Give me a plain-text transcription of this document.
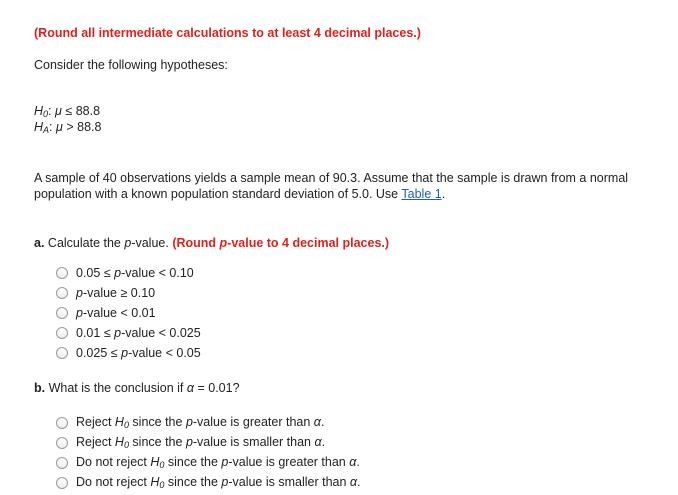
(Round all intermediate calculations to at least 4 decimal places.)
Consider the following hypotheses:
$H_0$: μ ≤ 88.8
$H_A$: μ > 88.8
A sample of 40 observations yields a sample mean of 90.3. Assume that the sample is drawn from a normal
population with a known population standard deviation of 5.0. Use Table 1.
a. Calculate the p-value. (Round p-value to 4 decimal places.)
0.05 ≤ p-value < 0.10
p-value ≥ 0.10
p-value < 0.01
0.01 ≤ p-value < 0.025
0.025 ≤ p-value < 0.05
b. What is the conclusion if α = 0.01?
Reject $H_0$ since the p-value is greater than α.
Reject $H_0$ since the p-value is smaller than α.
Do not reject $H_0$ since the p-value is greater than α.
Do not reject $H_0$ since the p-value is smaller than α.
